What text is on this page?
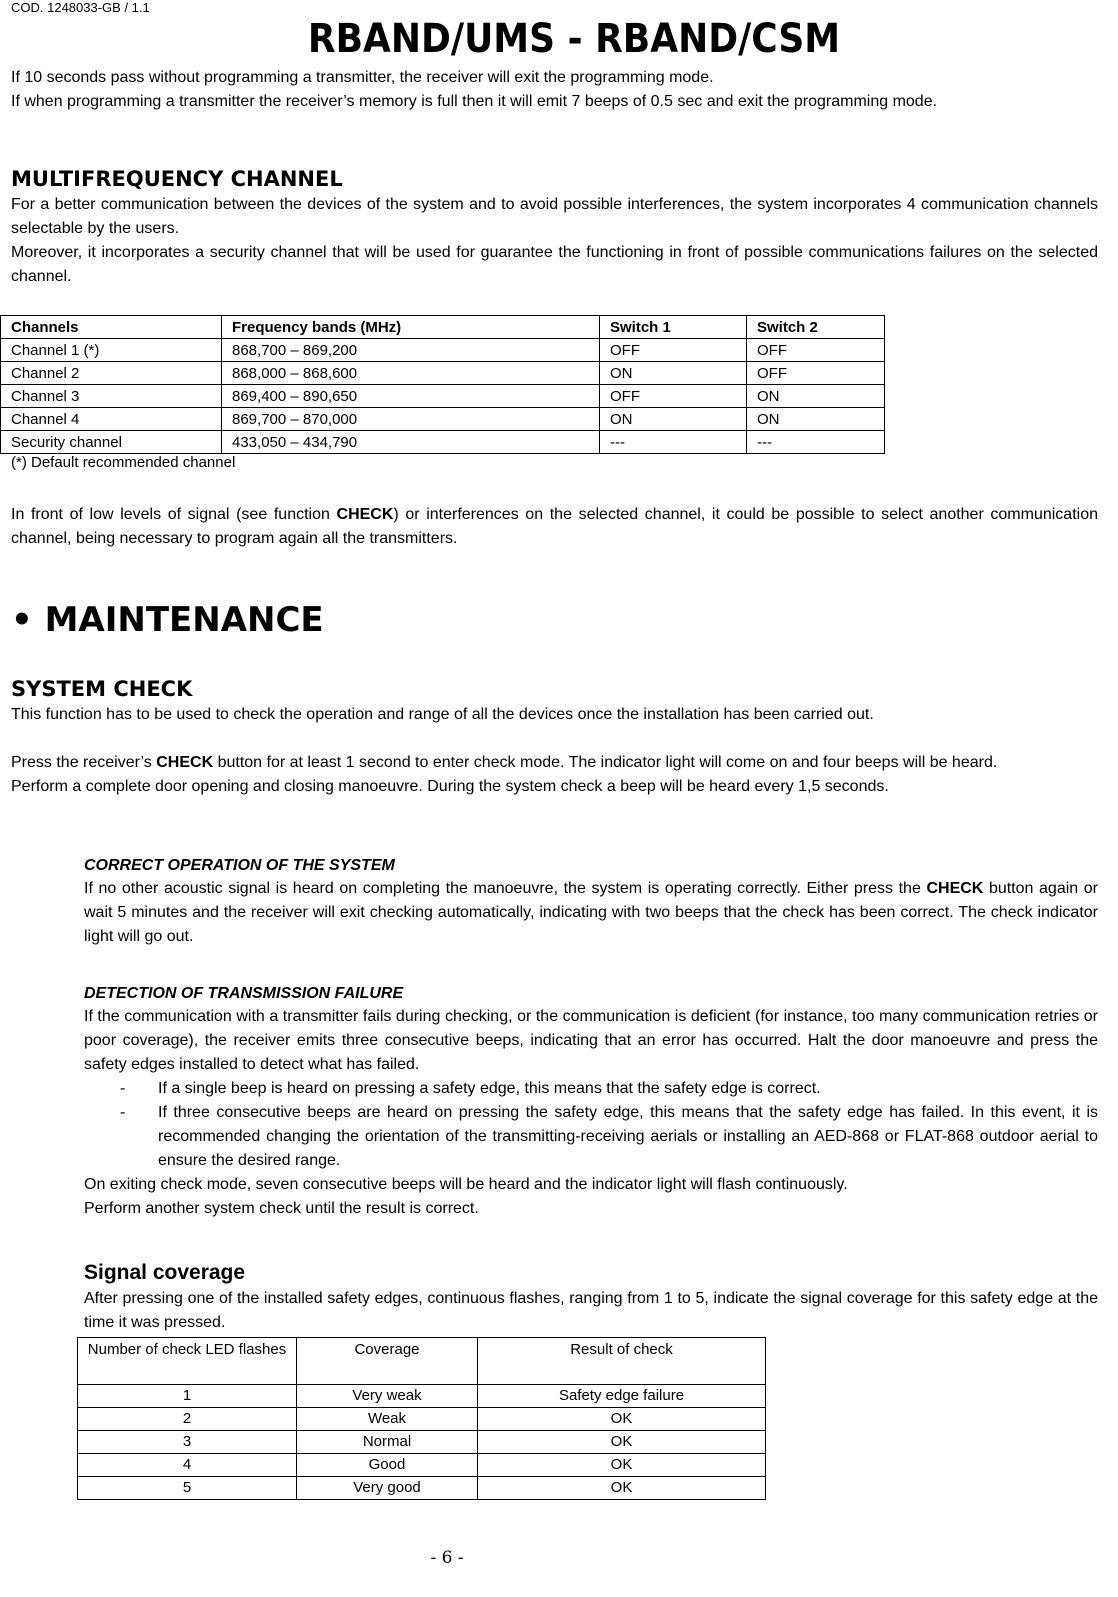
COD. 1248033-GB / 1.1
RBAND/UMS - RBAND/CSM

If 10 seconds pass without programming a transmitter, the receiver will exit the programming mode.

If when programming a transmitter the receiver’s memory is full then it will emit 7 beeps of 0.5 sec and exit the programming mode.

MULTIFREQUENCY CHANNEL

For a better communication between the devices of the system and to avoid possible interferences, the system incorporates 4 communication channels selectable by the users.

Moreover, it incorporates a security channel that will be used for guarantee the functioning in front of possible communications failures on the selected channel.

Channels	Frequency bands (MHz)	Switch 1	Switch 2
Channel 1 (*)	868,700 – 869,200	OFF	OFF
Channel 2	868,000 – 868,600	ON	OFF
Channel 3	869,400 – 890,650	OFF	ON
Channel 4	869,700 – 870,000	ON	ON
Security channel	433,050 – 434,790	---	---
(*) Default recommended channel

In front of low levels of signal (see function CHECK) or interferences on the selected channel, it could be possible to select another communication channel, being necessary to program again all the transmitters.

• MAINTENANCE
SYSTEM CHECK

This function has to be used to check the operation and range of all the devices once the installation has been carried out.

Press the receiver’s CHECK button for at least 1 second to enter check mode. The indicator light will come on and four beeps will be heard.

Perform a complete door opening and closing manoeuvre. During the system check a beep will be heard every 1,5 seconds.

CORRECT OPERATION OF THE SYSTEM

If no other acoustic signal is heard on completing the manoeuvre, the system is operating correctly. Either press the CHECK button again or wait 5 minutes and the receiver will exit checking automatically, indicating with two beeps that the check has been correct. The check indicator light will go out.

DETECTION OF TRANSMISSION FAILURE

If the communication with a transmitter fails during checking, or the communication is deficient (for instance, too many communication retries or poor coverage), the receiver emits three consecutive beeps, indicating that an error has occurred. Halt the door manoeuvre and press the safety edges installed to detect what has failed.

- If a single beep is heard on pressing a safety edge, this means that the safety edge is correct.
- If three consecutive beeps are heard on pressing the safety edge, this means that the safety edge has failed. In this event, it is recommended changing the orientation of the transmitting-receiving aerials or installing an AED-868 or FLAT-868 outdoor aerial to ensure the desired range.

On exiting check mode, seven consecutive beeps will be heard and the indicator light will flash continuously.

Perform another system check until the result is correct.

Signal coverage

After pressing one of the installed safety edges, continuous flashes, ranging from 1 to 5, indicate the signal coverage for this safety edge at the time it was pressed.

Number of check LED flashes	Coverage	Result of check
1	Very weak	Safety edge failure
2	Weak	OK
3	Normal	OK
4	Good	OK
5	Very good	OK
- 6 -
